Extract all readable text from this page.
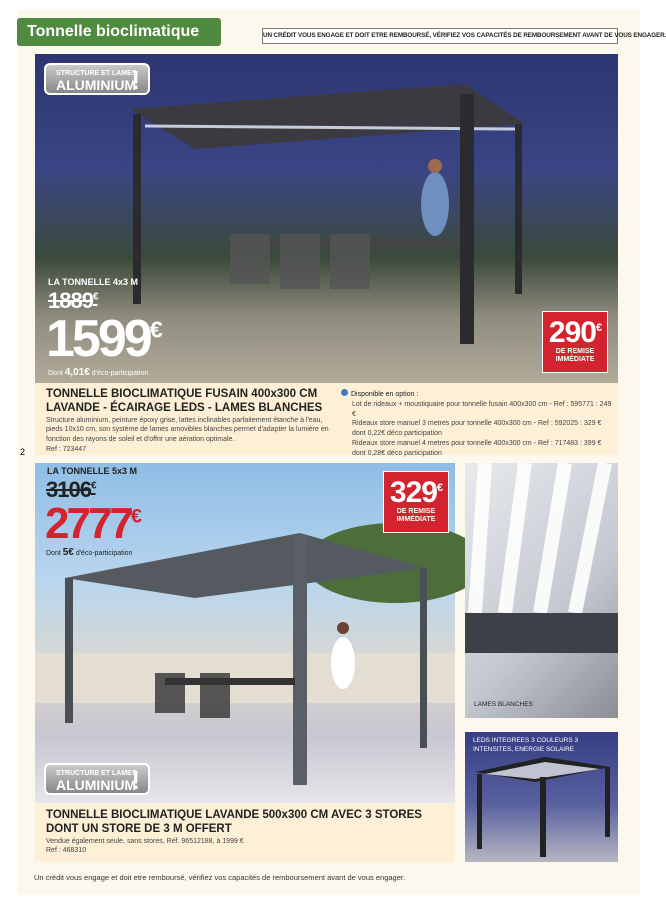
Tonnelle bioclimatique	UN CRÉDIT VOUS ENGAGE ET DOIT ETRE REMBOURSÉ, VÉRIFIEZ VOS CAPACITÉS DE REMBOURSEMENT AVANT DE VOUS ENGAGER.
STRUCTURE ET LAMES
ALUMINIUM
!
LA TONNELLE 4x3 M
1889€
1599€
Dont 4,01€ d'éco-participation
290€
DE REMISE
IMMÉDIATE
TONNELLE BIOCLIMATIQUE FUSAIN 400x300 CM
LAVANDE - ÉCAIRAGE LEDS - LAMES BLANCHES
Structure aluminium, peinture époxy grise, lattes inclinables parfaitement étanche à l'eau, pieds 10x10 cm, son système de lames amovibles blanches permet d'adapter la lumière en fonction des rayons de soleil et d'offrir une aération optimale.
Ref : 723447
Disponible en option :
Lot de rideaux + moustiquaire pour tonnelle fusain 400x300 cm - Ref : 595771 : 249 €
Rideaux store manuel 3 metres pour tonnelle 400x300 cm - Ref : 592025 : 329 €
dont 0,22€ déco participation
Rideaux store manuel 4 metres pour tonnelle 400x300 cm - Ref : 717483 : 399 €
dont 0,28€ déco participation
2
LA TONNELLE 5x3 M
3106€
2777€
Dont 5€ d'éco-participation
329€
DE REMISE
IMMÉDIATE
STRUCTURE ET LAMES
ALUMINIUM
!
TONNELLE BIOCLIMATIQUE LAVANDE 500x300 CM AVEC 3 STORES DONT UN STORE DE 3 M OFFERT
Vendue également seule, sans stores, Réf. 96512188, à 1999 €
Ref : 468310
LAMES BLANCHES
LEDS INTEGREES 3 COULEURS 3 INTENSITES, ENERGIE SOLAIRE
Un crédit vous engage et doit etre remboursé, vérifiez vos capacités de remboursement avant de vous engager.
